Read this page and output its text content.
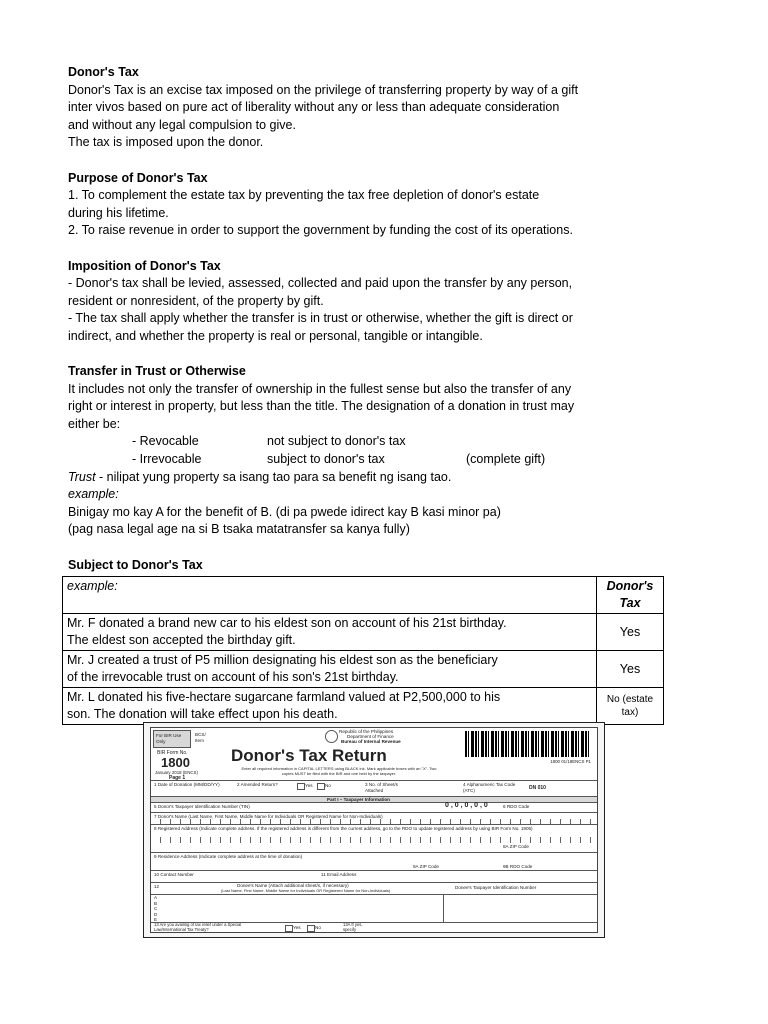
Donor's Tax
Donor's Tax is an excise tax imposed on the privilege of transferring property by way of a gift
inter vivos based on pure act of liberality without any or less than adequate consideration
and without any legal compulsion to give.
The tax is imposed upon the donor.
Purpose of Donor's Tax
1. To complement the estate tax by preventing the tax free depletion of donor's estate
during his lifetime.
2. To raise revenue in order to support the government by funding the cost of its operations.
Imposition of Donor's Tax
- Donor's tax shall be levied, assessed, collected and paid upon the transfer by any person,
resident or nonresident, of the property by gift.
- The tax shall apply whether the transfer is in trust or otherwise, whether the gift is direct or
indirect, and whether the property is real or personal, tangible or intangible.
Transfer in Trust or Otherwise
It includes not only the transfer of ownership in the fullest sense but also the transfer of any
right or interest in property, but less than the title. The designation of a donation in trust may
either be:
- Revocable	not subject to donor's tax
- Irrevocable	subject to donor's tax	(complete gift)
Trust - nilipat yung property sa isang tao para sa benefit ng isang tao.
example:
Binigay mo kay A for the benefit of B. (di pa pwede idirect kay B kasi minor pa)
(pag nasa legal age na si B tsaka matatransfer sa kanya fully)
Subject to Donor's Tax
example:	Donor's Tax

Mr. F donated a brand new car to his eldest son on account of his 21st birthday.
The eldest son accepted the birthday gift.	Yes

Mr. J created a trust of P5 million designating his eldest son as the beneficiary
of the irrevocable trust on account of his son's 21st birthday.	Yes

Mr. L donated his five-hectare sugarcane farmland valued at P2,500,000 to his
son. The donation will take effect upon his death.	No (estate tax)
For BIR Use Only
BCS/ Item
BIR Form No.
1800
January 2018 (ENCS)
Page 1
Republic of the Philippines
Department of Finance
Bureau of Internal Revenue
Donor's Tax Return
Enter all required information in CAPITAL LETTERS using BLACK ink. Mark applicable boxes with an "X". Two copies MUST be filed with the BIR and one held by the taxpayer.
1800 01/18ENCS P1
1 Date of Donation (MM/DD/YY)	2 Amended Return?	Yes	No	3 No. of Sheet/s Attached
4 Alphanumeric Tax Code (ATC)	DN 010
Part I – Taxpayer Information
5 Donor's Taxpayer Identification Number (TIN)	0 , 0 , 0 , 0 , 0	6 RDO Code
7 Donor's Name (Last Name, First Name, Middle Name for Individuals OR Registered Name for Non-Individuals)
8 Registered Address (Indicate complete address. If the registered address is different from the current address, go to the RDO to update registered address by using BIR Form No. 1905)
8A ZIP Code
9 Residence Address (Indicate complete address at the time of donation)
9A ZIP Code	9B RDO Code
10 Contact Number	11 Email Address
12	Donee's Name (Attach additional sheet/s, if necessary)
(Last Name, First Name, Middle Name for Individuals OR Registered Name for Non-Individuals)
Donee's Taxpayer Identification Number
A
B
C
D
E
13 Are you availing of tax relief under a Special Law/International Tax Treaty?	Yes	No
13A If yes, specify
